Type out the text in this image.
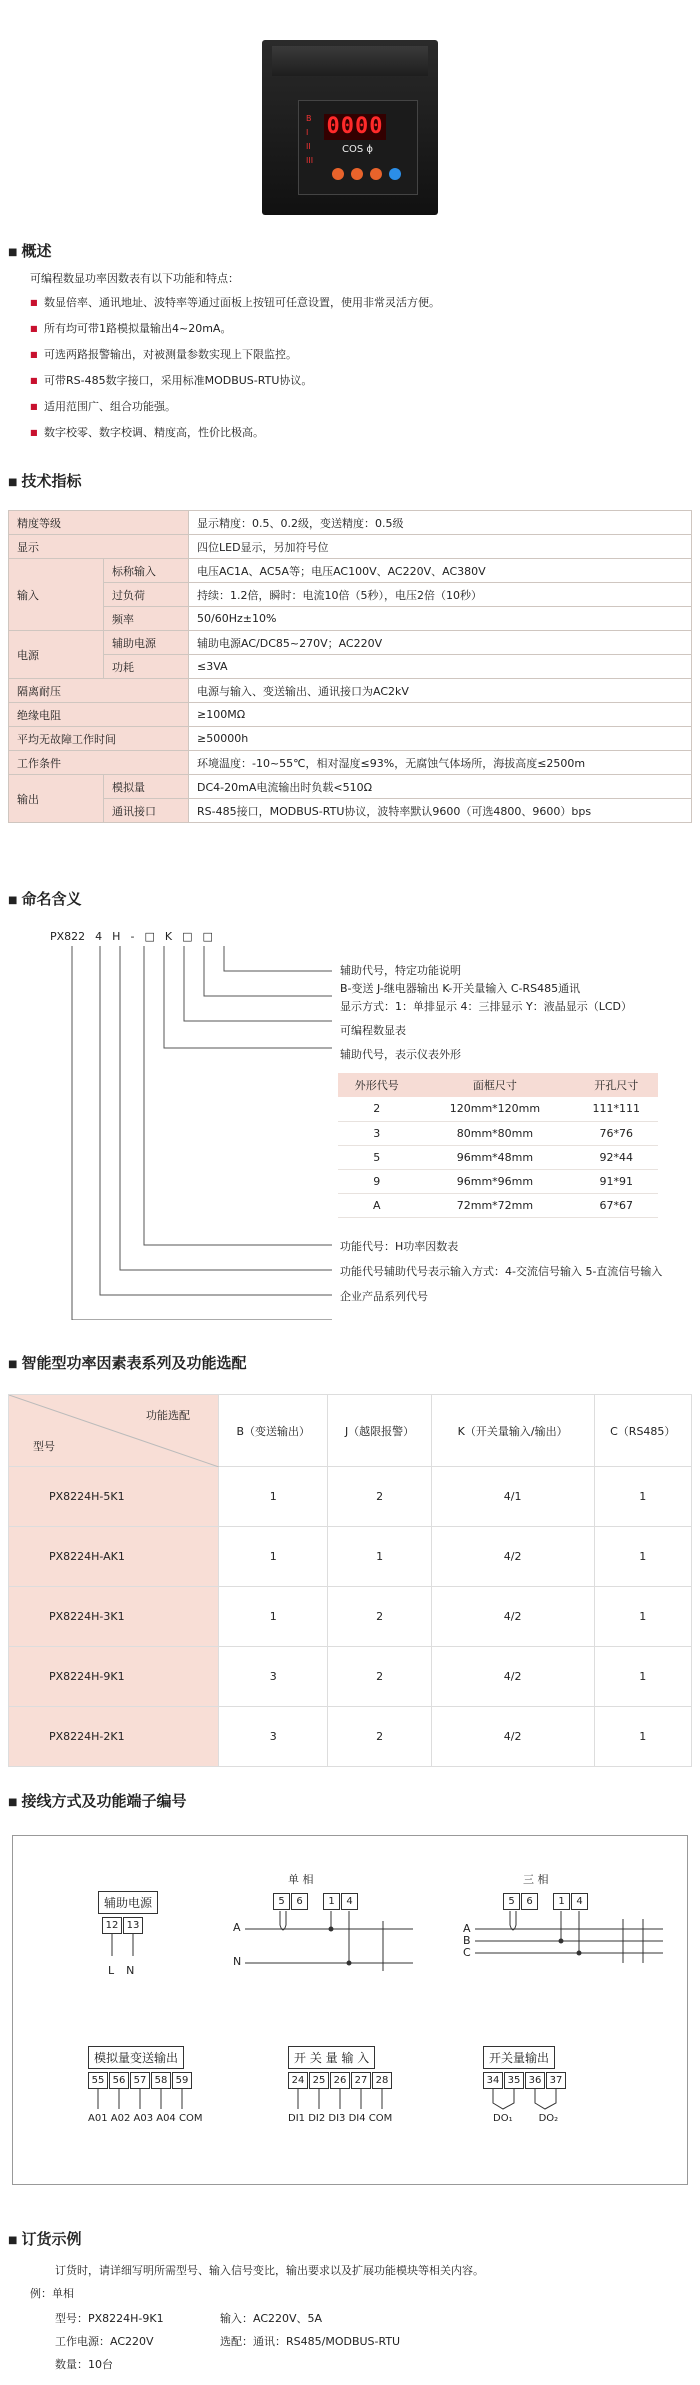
B
I
II
III
0000
COS ϕ
■ 概述
可编程数显功率因数表有以下功能和特点：
■ 数显倍率、通讯地址、波特率等通过面板上按钮可任意设置，使用非常灵活方便。
■ 所有均可带1路模拟量输出4~20mA。
■ 可选两路报警输出，对被测量参数实现上下限监控。
■ 可带RS-485数字接口，采用标准MODBUS-RTU协议。
■ 适用范围广、组合功能强。
■ 数字校零、数字校调、精度高，性价比极高。
■ 技术指标
精度等级		显示精度：0.5、0.2级，变送精度：0.5级
显示		四位LED显示，另加符号位
输入	标称输入	电压AC1A、AC5A等；电压AC100V、AC220V、AC380V
	过负荷	持续：1.2倍，瞬时：电流10倍（5秒），电压2倍（10秒）
	频率	50/60Hz±10%
电源	辅助电源	辅助电源AC/DC85~270V；AC220V
	功耗	≤3VA
隔离耐压		电源与输入、变送输出、通讯接口为AC2kV
绝缘电阻		≥100MΩ
平均无故障工作时间		≥50000h
工作条件		环境温度：-10~55℃，相对湿度≤93%，无腐蚀气体场所，海拔高度≤2500m
输出	模拟量	DC4-20mA电流输出时负载<510Ω
	通讯接口	RS-485接口，MODBUS-RTU协议，波特率默认9600（可选4800、9600）bps
■ 命名含义
PX822 4 H - □ K □ □
辅助代号，特定功能说明
B-变送 J-继电器输出 K-开关量输入 C-RS485通讯
显示方式：1：单排显示 4：三排显示 Y：液晶显示（LCD）
可编程数显表
辅助代号，表示仪表外形
外形代号	面框尺寸	开孔尺寸
2	120mm*120mm	111*111
3	80mm*80mm	76*76
5	96mm*48mm	92*44
9	96mm*96mm	91*91
A	72mm*72mm	67*67
功能代号：H功率因数表
功能代号辅助代号表示输入方式：4-交流信号输入 5-直流信号输入
企业产品系列代号
■ 智能型功率因素表系列及功能选配
功能选配
型号	B（变送输出）	J（越限报警）	K（开关量输入/输出）	C（RS485）
PX8224H-5K1	1	2	4/1	1
PX8224H-AK1	1	1	4/2	1
PX8224H-3K1	1	2	4/2	1
PX8224H-9K1	3	2	4/2	1
PX8224H-2K1	3	2	4/2	1
■ 接线方式及功能端子编号
辅助电源
12 13
L N
单 相
5	6	1	4
A
N
三 相
5	6	1	4
A
B
C
模拟量变送输出
55 56 57 58 59
A01 A02 A03 A04 COM
开 关 量 输 入
24 25 26 27 28
DI1 DI2 DI3 DI4 COM
开关量输出
34 35 36 37
DO₁	DO₂
■ 订货示例
订货时，请详细写明所需型号、输入信号变比，输出要求以及扩展功能模块等相关内容。
例：单相
型号：PX8224H-9K1	输入：AC220V、5A
工作电源：AC220V	选配：通讯：RS485/MODBUS-RTU
数量：10台
